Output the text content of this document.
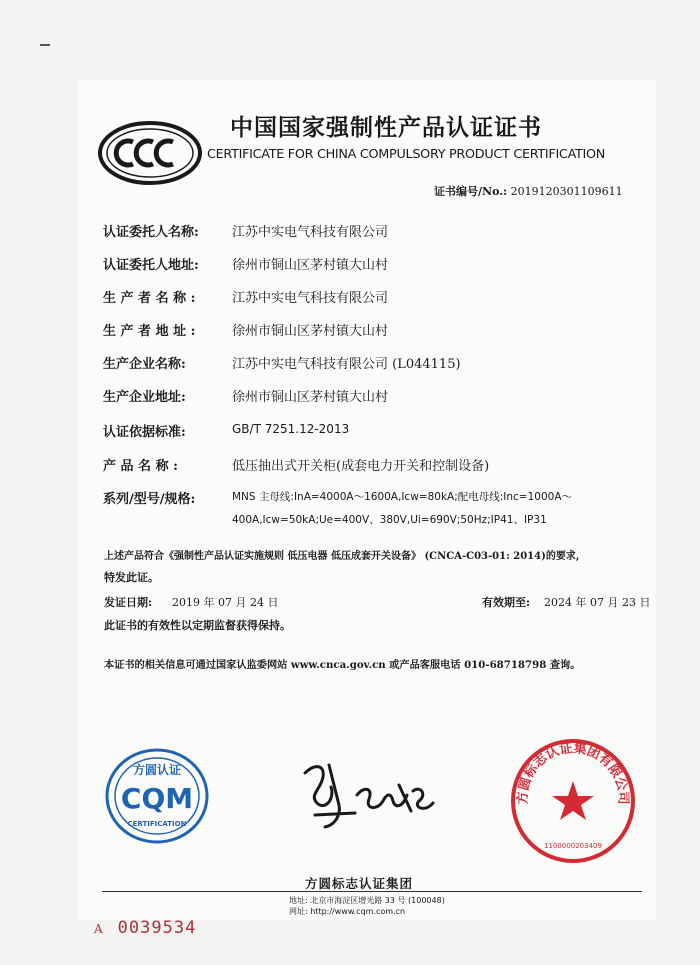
中国国家强制性产品认证证书
CERTIFICATE FOR CHINA COMPULSORY PRODUCT CERTIFICATION
证书编号/No.: 2019120301109611
认证委托人名称:	江苏中实电气科技有限公司
认证委托人地址:	徐州市铜山区茅村镇大山村
生 产 者 名 称 :	江苏中实电气科技有限公司
生 产 者 地 址 :	徐州市铜山区茅村镇大山村
生产企业名称:	江苏中实电气科技有限公司 (L044115)
生产企业地址:	徐州市铜山区茅村镇大山村
认证依据标准:	GB/T 7251.12-2013
产 品 名 称 :	低压抽出式开关柜(成套电力开关和控制设备)
系列/型号/规格:	MNS 主母线:InA=4000A～1600A,Icw=80kA;配电母线:Inc=1000A～
400A,Icw=50kA;Ue=400V、380V,Ui=690V;50Hz;IP41、IP31
上述产品符合《强制性产品认证实施规则 低压电器 低压成套开关设备》 (CNCA-C03-01: 2014)的要求,
特发此证。
发证日期: 2019 年 07 月 24 日	有效期至: 2024 年 07 月 23 日
此证书的有效性以定期监督获得保持。
本证书的相关信息可通过国家认监委网站 www.cnca.gov.cn 或产品客服电话 010-68718798 查询。
方圆认证
CQM
CERTIFICATION
方圆标志认证集团有限公司
1100000203409
方圆标志认证集团
地址: 北京市海淀区增光路 33 号 (100048)
网址: http://www.cqm.com.cn
A 0039534
